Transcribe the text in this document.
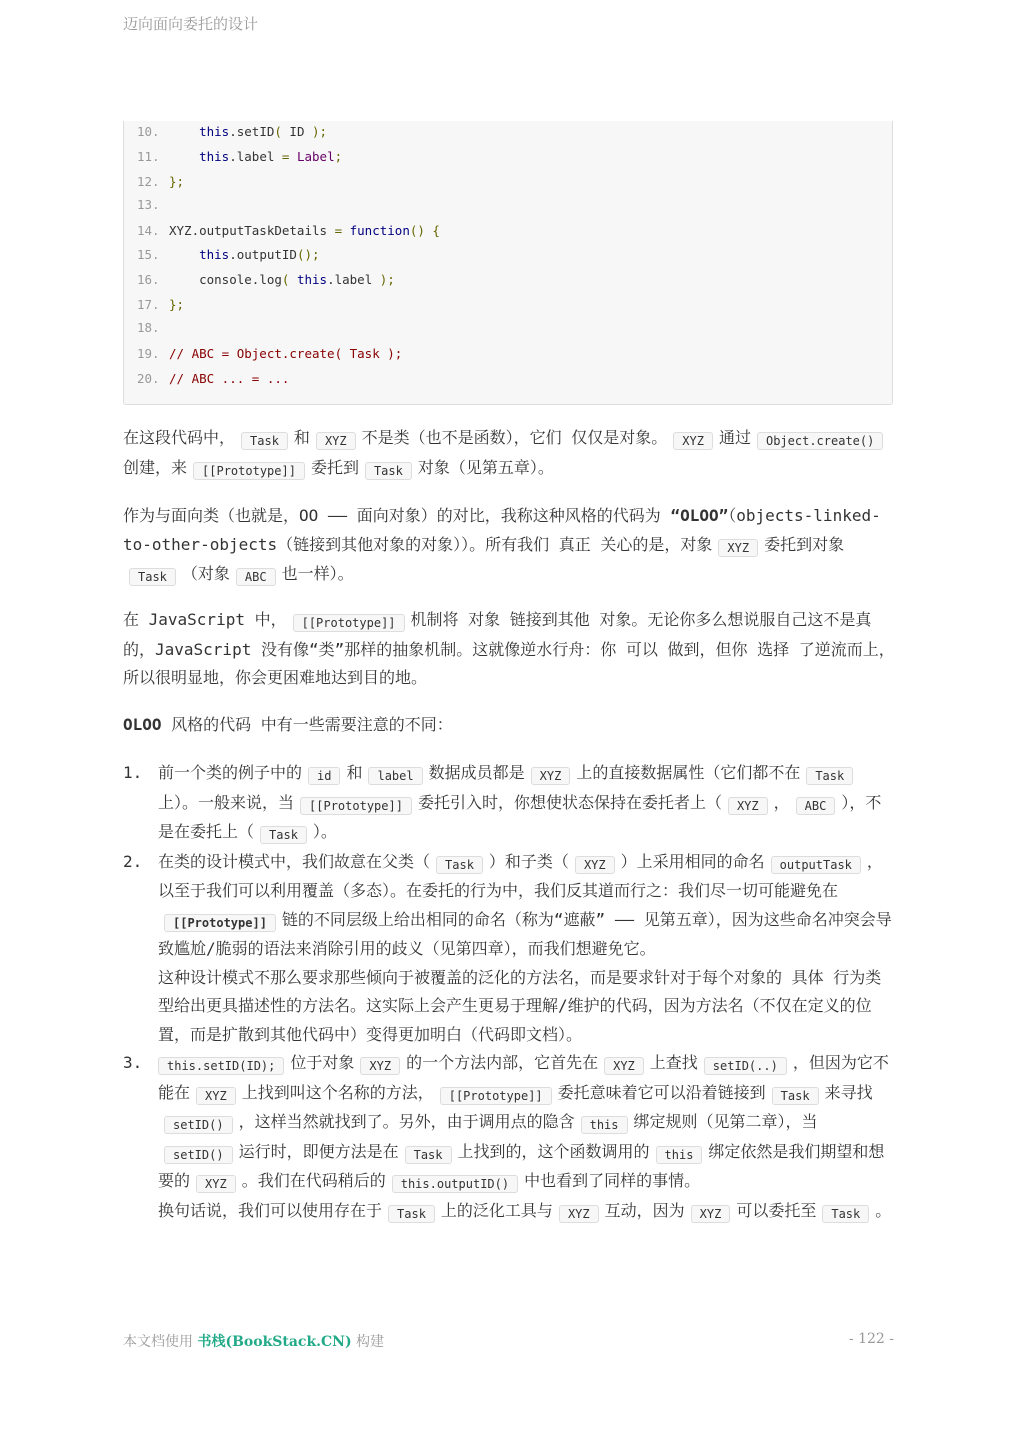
迈向面向委托的设计
10.	this.setID( ID );
11.	this.label = Label;
12. };
13.
14. XYZ.outputTaskDetails = function() {
15.	this.outputID();
16.	console.log( this.label );
17. };
18.
19. // ABC = Object.create( Task );
20. // ABC ... = ...

在这段代码中， Task 和 XYZ 不是类（也不是函数），它们 仅仅是对象。 XYZ 通过 Object.create()创建，来 [[Prototype]] 委托到 Task 对象（见第五章）。

作为与面向类（也就是，OO —— 面向对象）的对比，我称这种风格的代码为 “OLOO”（objects-linked-to-other-objects（链接到其他对象的对象））。所有我们 真正 关心的是，对象 XYZ 委托到对象Task （对象 ABC 也一样）。

在 JavaScript 中， [[Prototype]] 机制将 对象 链接到其他 对象。无论你多么想说服自己这不是真的，JavaScript 没有像“类”那样的抽象机制。这就像逆水行舟：你 可以 做到，但你 选择 了逆流而上，所以很明显地，你会更困难地达到目的地。

OLOO 风格的代码 中有一些需要注意的不同：

1. 前一个类的例子中的 id 和 label 数据成员都是 XYZ 上的直接数据属性（它们都不在 Task上）。一般来说，当 [[Prototype]] 委托引入时，你想使状态保持在委托者上（ XYZ ， ABC ），不是在委托上（ Task ）。

2. 在类的设计模式中，我们故意在父类（ Task ）和子类（ XYZ ）上采用相同的命名 outputTask ，以至于我们可以利用覆盖（多态）。在委托的行为中，我们反其道而行之：我们尽一切可能避免在[[Prototype]] 链的不同层级上给出相同的命名（称为“遮蔽” —— 见第五章），因为这些命名冲突会导致尴尬/脆弱的语法来消除引用的歧义（见第四章），而我们想避免它。

这种设计模式不那么要求那些倾向于被覆盖的泛化的方法名，而是要求针对于每个对象的 具体 行为类型给出更具描述性的方法名。这实际上会产生更易于理解/维护的代码，因为方法名（不仅在定义的位置，而是扩散到其他代码中）变得更加明白（代码即文档）。

3.	this.setID(ID); 位于对象 XYZ 的一个方法内部，它首先在 XYZ 上查找 setID(..) ，但因为它不能在 XYZ 上找到叫这个名称的方法， [[Prototype]] 委托意味着它可以沿着链接到 Task 来寻找setID() ，这样当然就找到了。另外，由于调用点的隐含 this 绑定规则（见第二章），当setID() 运行时，即便方法是在 Task 上找到的，这个函数调用的 this 绑定依然是我们期望和想要的 XYZ 。我们在代码稍后的 this.outputID() 中也看到了同样的事情。

换句话说，我们可以使用存在于 Task 上的泛化工具与 XYZ 互动，因为 XYZ 可以委托至 Task 。

本文档使用 书栈(BookStack.CN) 构建	- 122 -
